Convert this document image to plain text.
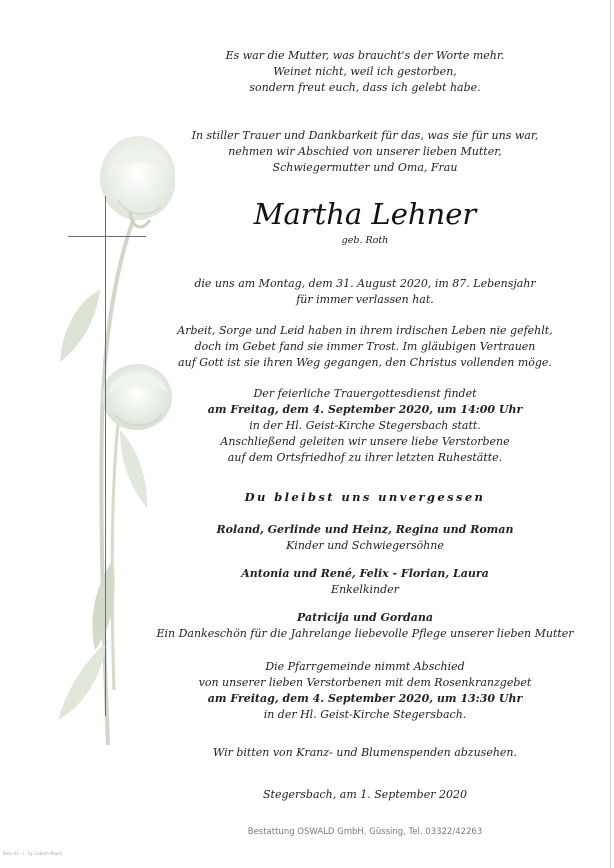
Es war die Mutter, was braucht's der Worte mehr.
Weinet nicht, weil ich gestorben,
sondern freut euch, dass ich gelebt habe.
In stiller Trauer und Dankbarkeit für das, was sie für uns war,
nehmen wir Abschied von unserer lieben Mutter,
Schwiegermutter und Oma, Frau
Martha Lehner
geb. Roth
die uns am Montag, dem 31. August 2020, im 87. Lebensjahr
für immer verlassen hat.
Arbeit, Sorge und Leid haben in ihrem irdischen Leben nie gefehlt,
doch im Gebet fand sie immer Trost. Im gläubigen Vertrauen
auf Gott ist sie ihren Weg gegangen, den Christus vollenden möge.
Der feierliche Trauergottesdienst findet
am Freitag, dem 4. September 2020, um 14:00 Uhr
in der Hl. Geist-Kirche Stegersbach statt.
Anschließend geleiten wir unsere liebe Verstorbene
auf dem Ortsfriedhof zu ihrer letzten Ruhestätte.
Du bleibst uns unvergessen
Roland, Gerlinde und Heinz, Regina und Roman
Kinder und Schwiegersöhne
Antonia und René, Felix - Florian, Laura
Enkelkinder
Patricija und Gordana
Ein Dankeschön für die Jahrelange liebevolle Pflege unserer lieben Mutter
Die Pfarrgemeinde nimmt Abschied
von unserer lieben Verstorbenen mit dem Rosenkranzgebet
am Freitag, dem 4. September 2020, um 13:30 Uhr
in der Hl. Geist-Kirche Stegersbach.
Wir bitten von Kranz- und Blumenspenden abzusehen.
Stegersbach, am 1. September 2020
Bestattung OSWALD GmbH, Güssing, Tel. 03322/42263
Rose 01 - i - by Lisbeth Maerk
